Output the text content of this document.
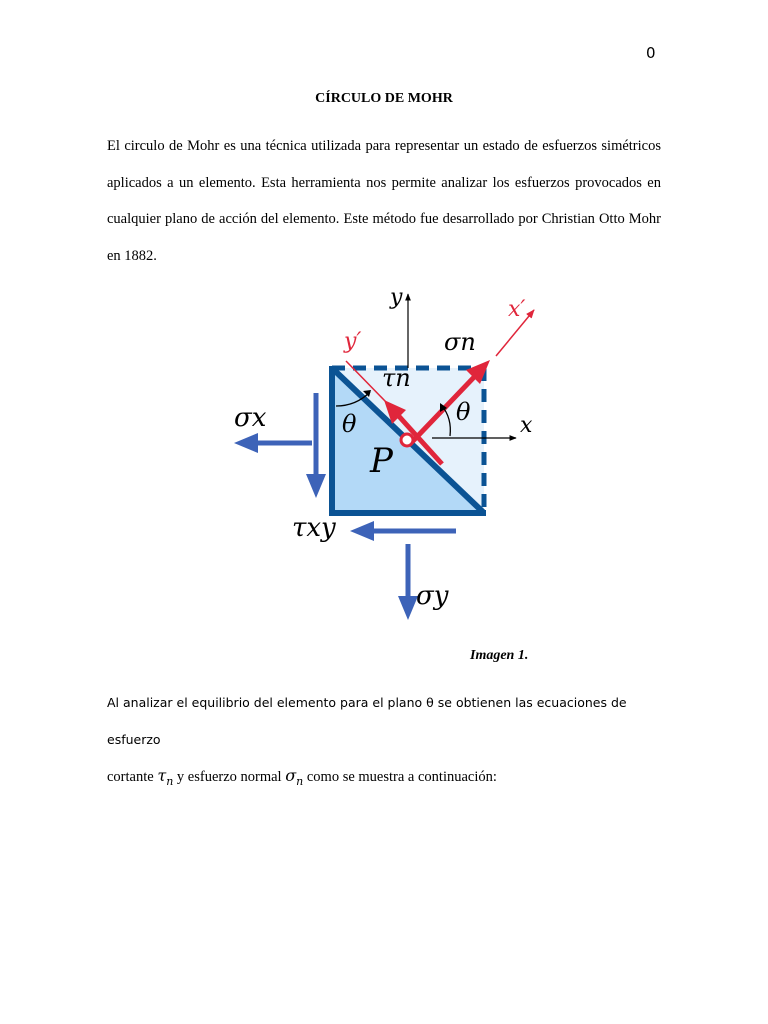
0
CÍRCULO DE MOHR

El circulo de Mohr es una técnica utilizada para representar un estado de esfuerzos simétricos aplicados a un elemento. Esta herramienta nos permite analizar los esfuerzos provocados en cualquier plano de acción del elemento. Este método fue desarrollado por Christian Otto Mohr en 1882.

y
x
x′
y′	σn
τn
P
θ	θ
σx
τxy
σy
Imagen 1.
Al analizar el equilibrio del elemento para el plano θ se obtienen las ecuaciones de esfuerzo
cortante $\tau_n$ y esfuerzo normal $\sigma_n$ como se muestra a continuación:
